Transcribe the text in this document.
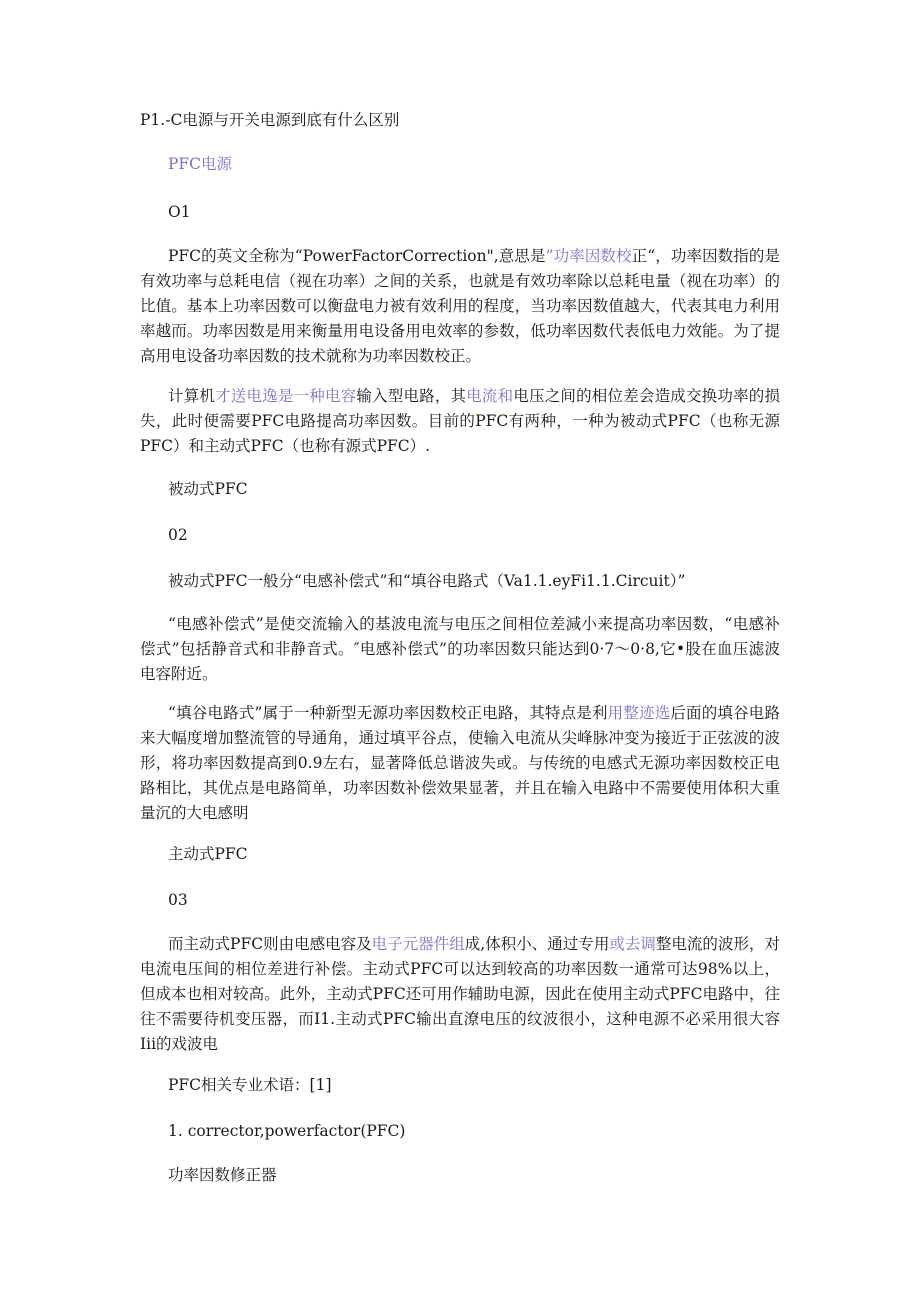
P1.-C电源与开关电源到底有什么区别
PFC电源
O1
PFC的英文全称为“PowerFactorCorrection",意思是”功率因数校正“，功率因数指的是有效功率与总耗电信（视在功率）之间的关系，也就是有效功率除以总耗电量（视在功率）的比值。基本上功率因数可以衡盘电力被有效利用的程度，当功率因数值越大，代表其电力利用率越而。功率因数是用来衡量用电设备用电效率的参数，低功率因数代表低电力效能。为了提高用电设备功率因数的技术就称为功率因数校正。
计算机才送电逸是一种电容输入型电路，其电流和电压之间的相位差会造成交换功率的损失，此时便需要PFC电路提高功率因数。目前的PFC有两种，一种为被动式PFC（也称无源PFC）和主动式PFC（也称有源式PFC）.
被动式PFC
02
被动式PFC一般分“电感补偿式”和“填谷电路式（Va1.1.eyFi1.1.Circuit）”
“电感补偿式”是使交流输入的基波电流与电压之间相位差減小来提高功率因数，“电感补偿式”包括静音式和非静音式。″电感补偿式”的功率因数只能达到0·7～0·8,它•股在血压滤波电容附近。
“填谷电路式”属于一种新型无源功率因数校正电路，其特点是利用整迹选后面的填谷电路来大幅度增加整流管的导通角，通过填平谷点，使输入电流从尖峰脉冲变为接近于正弦波的波形，将功率因数提高到0.9左右，显著降低总谐波失或。与传统的电感式无源功率因数校正电路相比，其优点是电路简单，功率因数补偿效果显著，并且在输入电路中不需要使用体积大重量沉的大电感明
主动式PFC
03
而主动式PFC则由电感电容及电子元器件组成,体积小、通过专用或去调整电流的波形，对电流电压间的相位差进行补偿。主动式PFC可以达到较高的功率因数一通常可达98%以上，但成本也相对较高。此外，主动式PFC还可用作辅助电源，因此在使用主动式PFC电路中，往往不需要待机变压器，而I1.主动式PFC输出直潦电压的纹波很小，这种电源不必采用很大容Iii的戏波电
PFC相关专业术语：[1]
1. corrector,powerfactor(PFC)
功率因数修正器
